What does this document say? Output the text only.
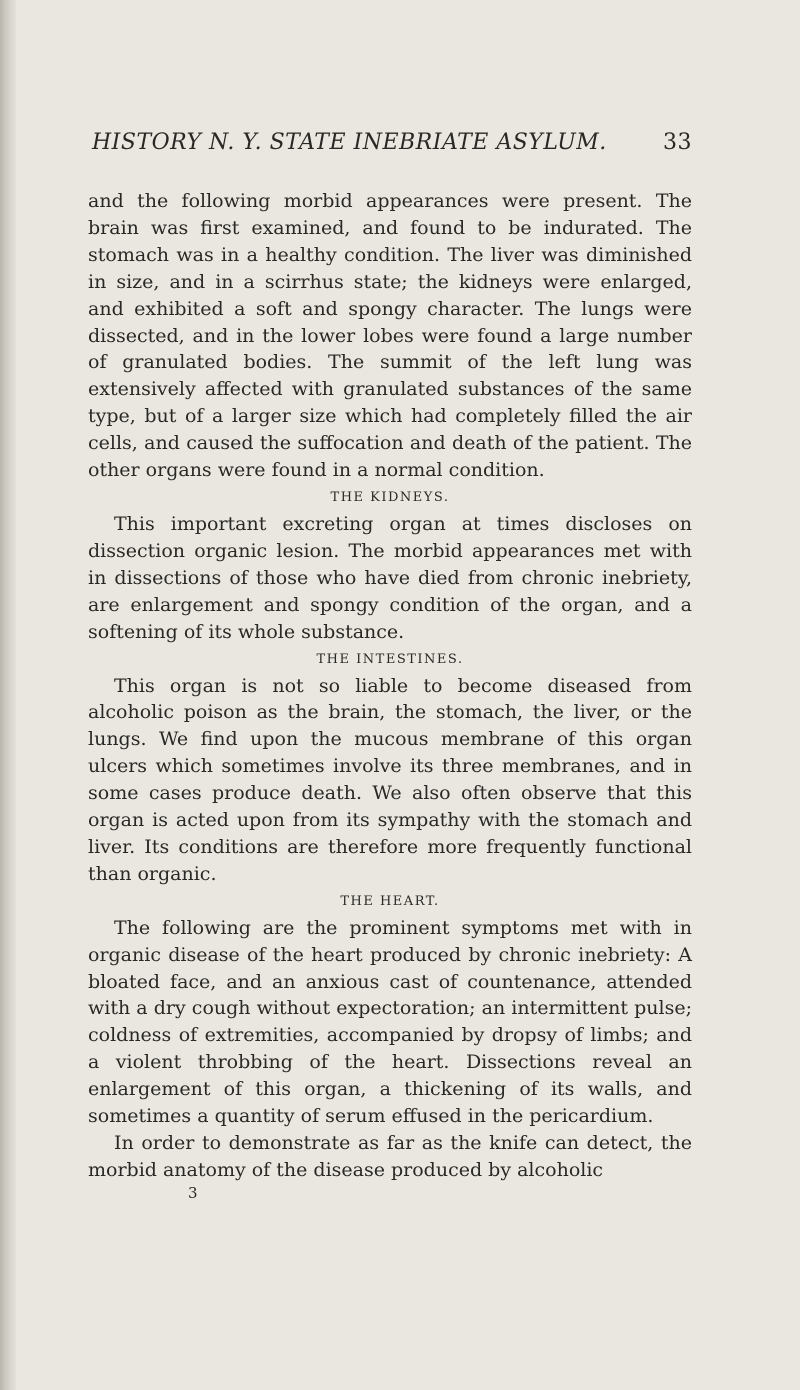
HISTORY N. Y. STATE INEBRIATE ASYLUM.	33

and the following morbid appearances were present. The brain was first examined, and found to be indurated. The stomach was in a healthy condition. The liver was diminished in size, and in a scirrhus state; the kidneys were enlarged, and exhibited a soft and spongy character. The lungs were dissected, and in the lower lobes were found a large number of granulated bodies. The summit of the left lung was extensively affected with granulated substances of the same type, but of a larger size which had completely filled the air cells, and caused the suffocation and death of the patient. The other organs were found in a normal condition.

THE KIDNEYS.

This important excreting organ at times discloses on dissection organic lesion. The morbid appearances met with in dissections of those who have died from chronic inebriety, are enlargement and spongy condition of the organ, and a softening of its whole substance.

THE INTESTINES.

This organ is not so liable to become diseased from alcoholic poison as the brain, the stomach, the liver, or the lungs. We find upon the mucous membrane of this organ ulcers which sometimes involve its three membranes, and in some cases produce death. We also often observe that this organ is acted upon from its sympathy with the stomach and liver. Its conditions are therefore more frequently functional than organic.

THE HEART.

The following are the prominent symptoms met with in organic disease of the heart produced by chronic inebriety: A bloated face, and an anxious cast of countenance, attended with a dry cough without expectoration; an intermittent pulse; coldness of extremities, accompanied by dropsy of limbs; and a violent throbbing of the heart. Dissections reveal an enlargement of this organ, a thickening of its walls, and sometimes a quantity of serum effused in the pericardium.

In order to demonstrate as far as the knife can detect, the morbid anatomy of the disease produced by alcoholic

3
